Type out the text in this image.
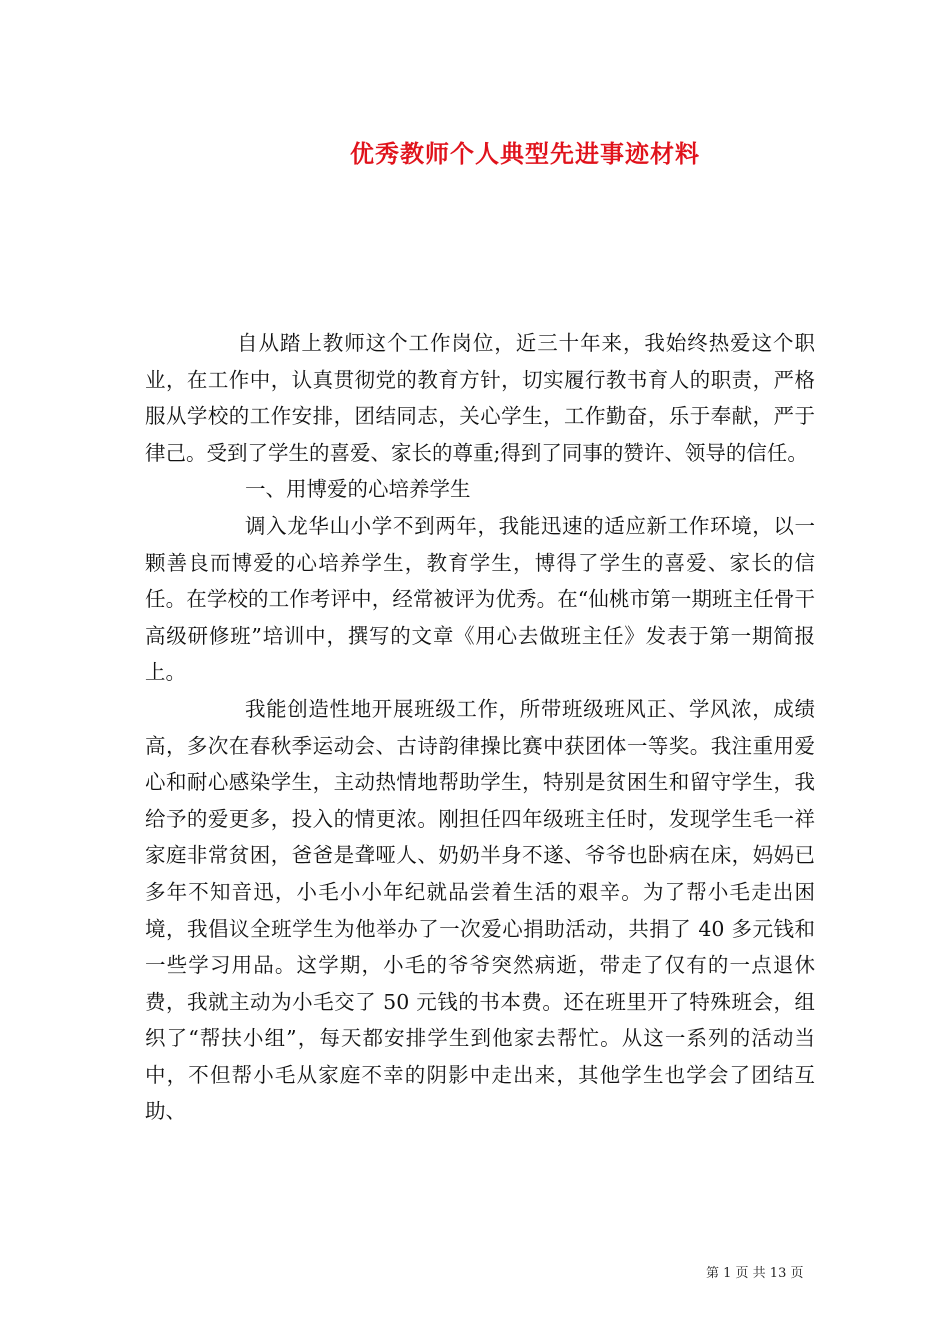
优秀教师个人典型先进事迹材料

自从踏上教师这个工作岗位，近三十年来，我始终热爱这个职业，在工作中，认真贯彻党的教育方针，切实履行教书育人的职责，严格服从学校的工作安排，团结同志，关心学生，工作勤奋，乐于奉献，严于律己。受到了学生的喜爱、家长的尊重;得到了同事的赞许、领导的信任。

一、用博爱的心培养学生

调入龙华山小学不到两年，我能迅速的适应新工作环境，以一颗善良而博爱的心培养学生，教育学生，博得了学生的喜爱、家长的信任。在学校的工作考评中，经常被评为优秀。在“仙桃市第一期班主任骨干高级研修班”培训中，撰写的文章《用心去做班主任》发表于第一期简报上。

我能创造性地开展班级工作，所带班级班风正、学风浓，成绩高，多次在春秋季运动会、古诗韵律操比赛中获团体一等奖。我注重用爱心和耐心感染学生，主动热情地帮助学生，特别是贫困生和留守学生，我给予的爱更多，投入的情更浓。刚担任四年级班主任时，发现学生毛一祥家庭非常贫困，爸爸是聋哑人、奶奶半身不遂、爷爷也卧病在床，妈妈已多年不知音迅，小毛小小年纪就品尝着生活的艰辛。为了帮小毛走出困境，我倡议全班学生为他举办了一次爱心捐助活动，共捐了 40 多元钱和一些学习用品。这学期，小毛的爷爷突然病逝，带走了仅有的一点退休费，我就主动为小毛交了 50 元钱的书本费。还在班里开了特殊班会，组织了“帮扶小组”，每天都安排学生到他家去帮忙。从这一系列的活动当中，不但帮小毛从家庭不幸的阴影中走出来，其他学生也学会了团结互助、

第 1 页 共 13 页
